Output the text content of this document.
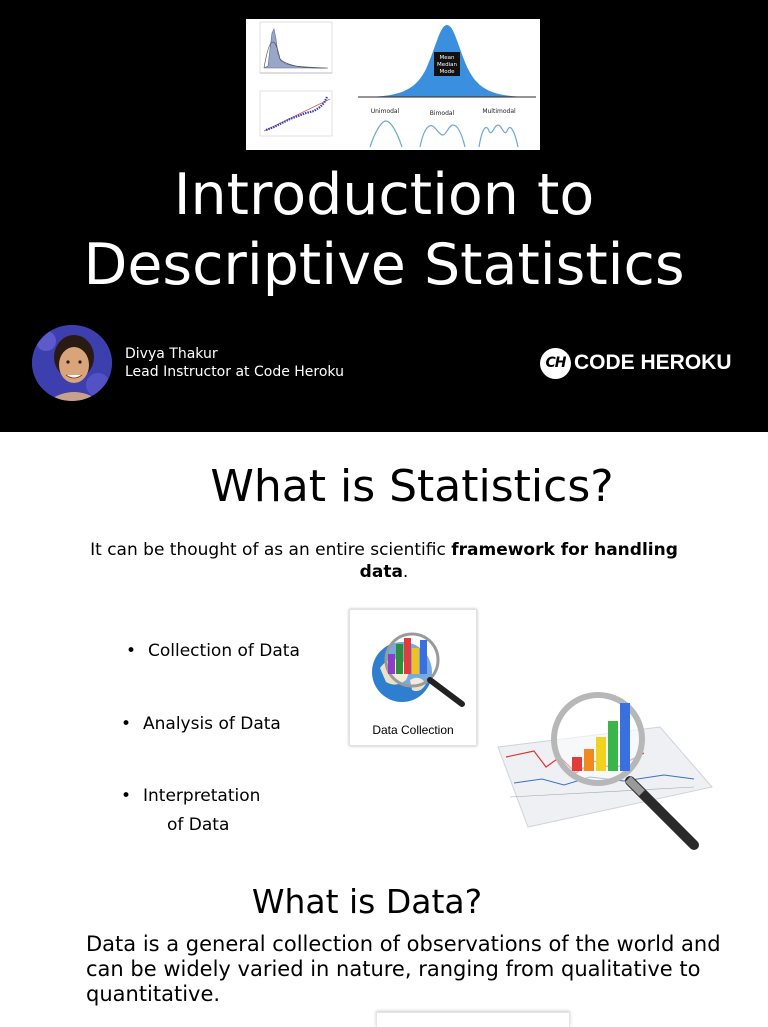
Mean
Median
Mode
Unimodal	Bimodal	Multimodal
Introduction to
Descriptive Statistics
Divya Thakur
Lead Instructor at Code Heroku
CH CODE HEROKU
What is Statistics?

It can be thought of as an entire scientific framework for handling data.

• Collection of Data
• Analysis of Data
• Interpretation
of Data
Data Collection
What is Data?

Data is a general collection of observations of the world and can be widely varied in nature, ranging from qualitative to quantitative.
